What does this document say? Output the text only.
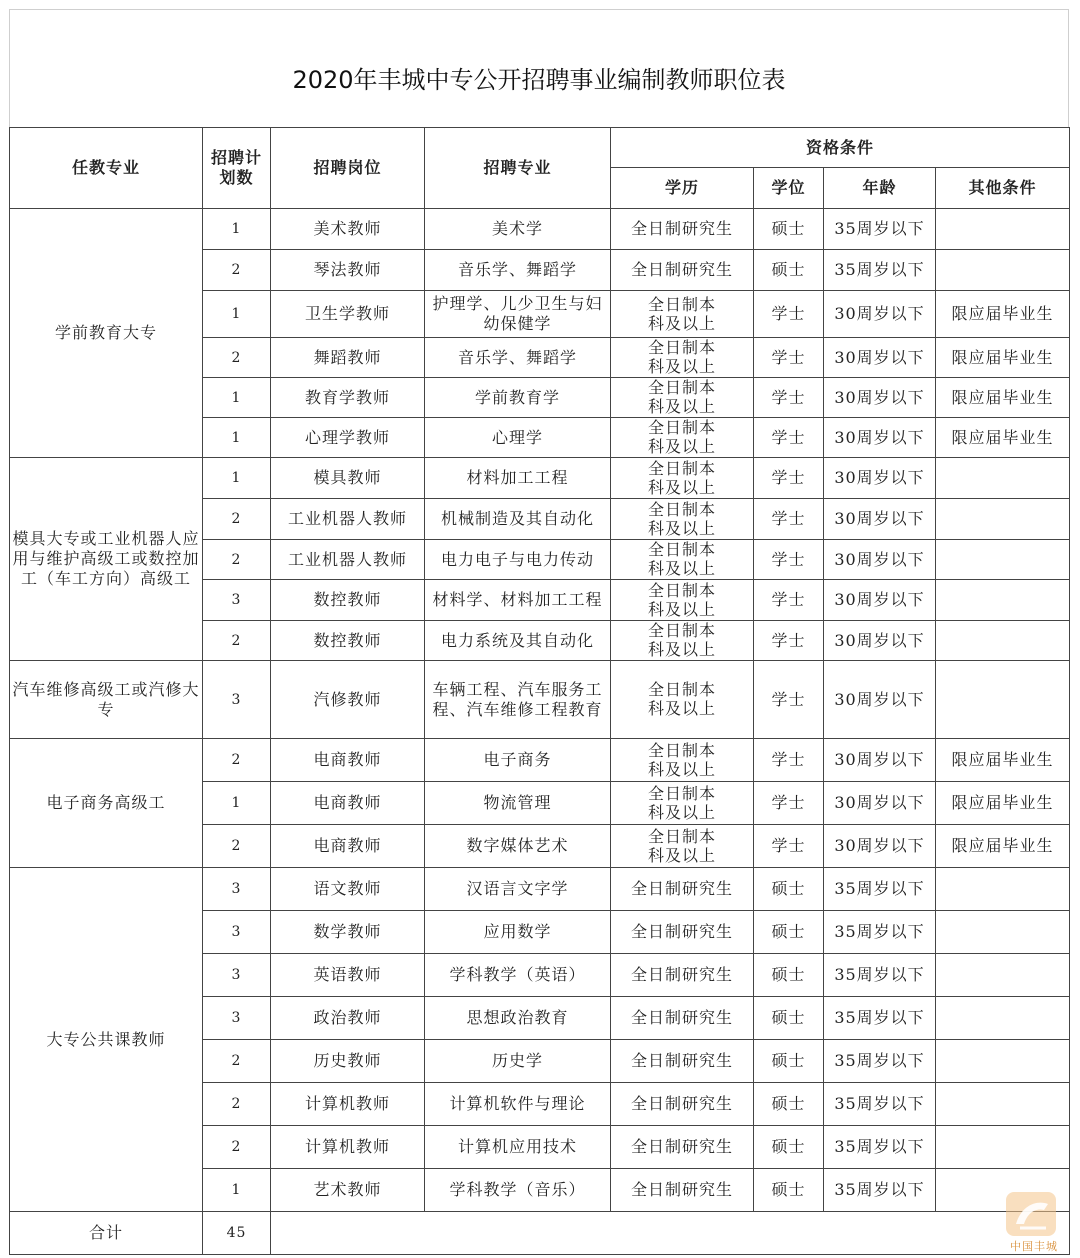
2020年丰城中专公开招聘事业编制教师职位表
任教专业	招聘计划数	招聘岗位	招聘专业	资格条件			
				学历	学位	年龄	其他条件
学前教育大专	1	美术教师	美术学	全日制研究生	硕士	35周岁以下	
	2	琴法教师	音乐学、舞蹈学	全日制研究生	硕士	35周岁以下	
	1	卫生学教师	护理学、儿少卫生与妇幼保健学	全日制本科及以上	学士	30周岁以下	限应届毕业生
	2	舞蹈教师	音乐学、舞蹈学	全日制本科及以上	学士	30周岁以下	限应届毕业生
	1	教育学教师	学前教育学	全日制本科及以上	学士	30周岁以下	限应届毕业生
	1	心理学教师	心理学	全日制本科及以上	学士	30周岁以下	限应届毕业生
模具大专或工业机器人应用与维护高级工或数控加工（车工方向）高级工	1	模具教师	材料加工工程	全日制本科及以上	学士	30周岁以下	
	2	工业机器人教师	机械制造及其自动化	全日制本科及以上	学士	30周岁以下	
	2	工业机器人教师	电力电子与电力传动	全日制本科及以上	学士	30周岁以下	
	3	数控教师	材料学、材料加工工程	全日制本科及以上	学士	30周岁以下	
	2	数控教师	电力系统及其自动化	全日制本科及以上	学士	30周岁以下	
汽车维修高级工或汽修大专	3	汽修教师	车辆工程、汽车服务工程、汽车维修工程教育	全日制本科及以上	学士	30周岁以下	
电子商务高级工	2	电商教师	电子商务	全日制本科及以上	学士	30周岁以下	限应届毕业生
	1	电商教师	物流管理	全日制本科及以上	学士	30周岁以下	限应届毕业生
	2	电商教师	数字媒体艺术	全日制本科及以上	学士	30周岁以下	限应届毕业生
大专公共课教师	3	语文教师	汉语言文字学	全日制研究生	硕士	35周岁以下	
	3	数学教师	应用数学	全日制研究生	硕士	35周岁以下	
	3	英语教师	学科教学（英语）	全日制研究生	硕士	35周岁以下	
	3	政治教师	思想政治教育	全日制研究生	硕士	35周岁以下	
	2	历史教师	历史学	全日制研究生	硕士	35周岁以下	
	2	计算机教师	计算机软件与理论	全日制研究生	硕士	35周岁以下	
	2	计算机教师	计算机应用技术	全日制研究生	硕士	35周岁以下	
	1	艺术教师	学科教学（音乐）	全日制研究生	硕士	35周岁以下	
合计	45						
中国丰城
